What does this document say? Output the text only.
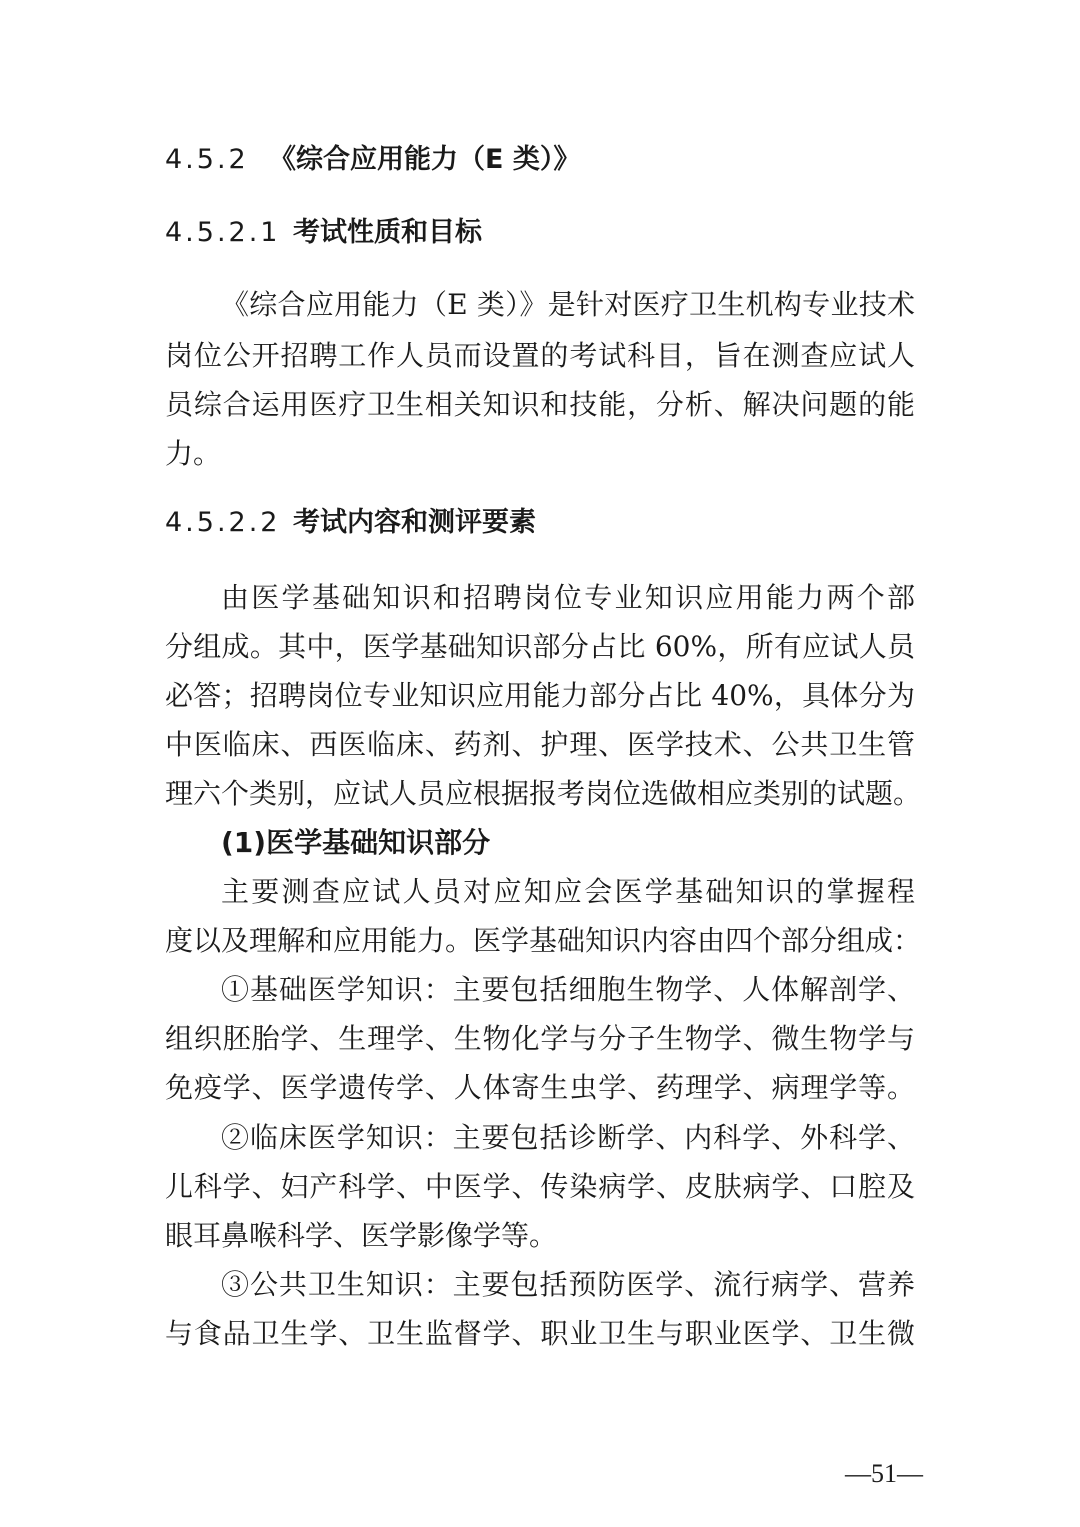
4.5.2 《综合应用能力（E 类）》
4.5.2.1 考试性质和目标
《综合应用能力（E 类）》是针对医疗卫生机构专业技术
岗位公开招聘工作人员而设置的考试科目，旨在测查应试人
员综合运用医疗卫生相关知识和技能，分析、解决问题的能
力。
4.5.2.2 考试内容和测评要素
由医学基础知识和招聘岗位专业知识应用能力两个部
分组成。其中，医学基础知识部分占比 60%，所有应试人员
必答；招聘岗位专业知识应用能力部分占比 40%，具体分为
中医临床、西医临床、药剂、护理、医学技术、公共卫生管
理六个类别，应试人员应根据报考岗位选做相应类别的试题。
(1)医学基础知识部分
主要测查应试人员对应知应会医学基础知识的掌握程
度以及理解和应用能力。医学基础知识内容由四个部分组成：
①基础医学知识：主要包括细胞生物学、人体解剖学、
组织胚胎学、生理学、生物化学与分子生物学、微生物学与
免疫学、医学遗传学、人体寄生虫学、药理学、病理学等。
②临床医学知识：主要包括诊断学、内科学、外科学、
儿科学、妇产科学、中医学、传染病学、皮肤病学、口腔及
眼耳鼻喉科学、医学影像学等。
③公共卫生知识：主要包括预防医学、流行病学、营养
与食品卫生学、卫生监督学、职业卫生与职业医学、卫生微
—51—
